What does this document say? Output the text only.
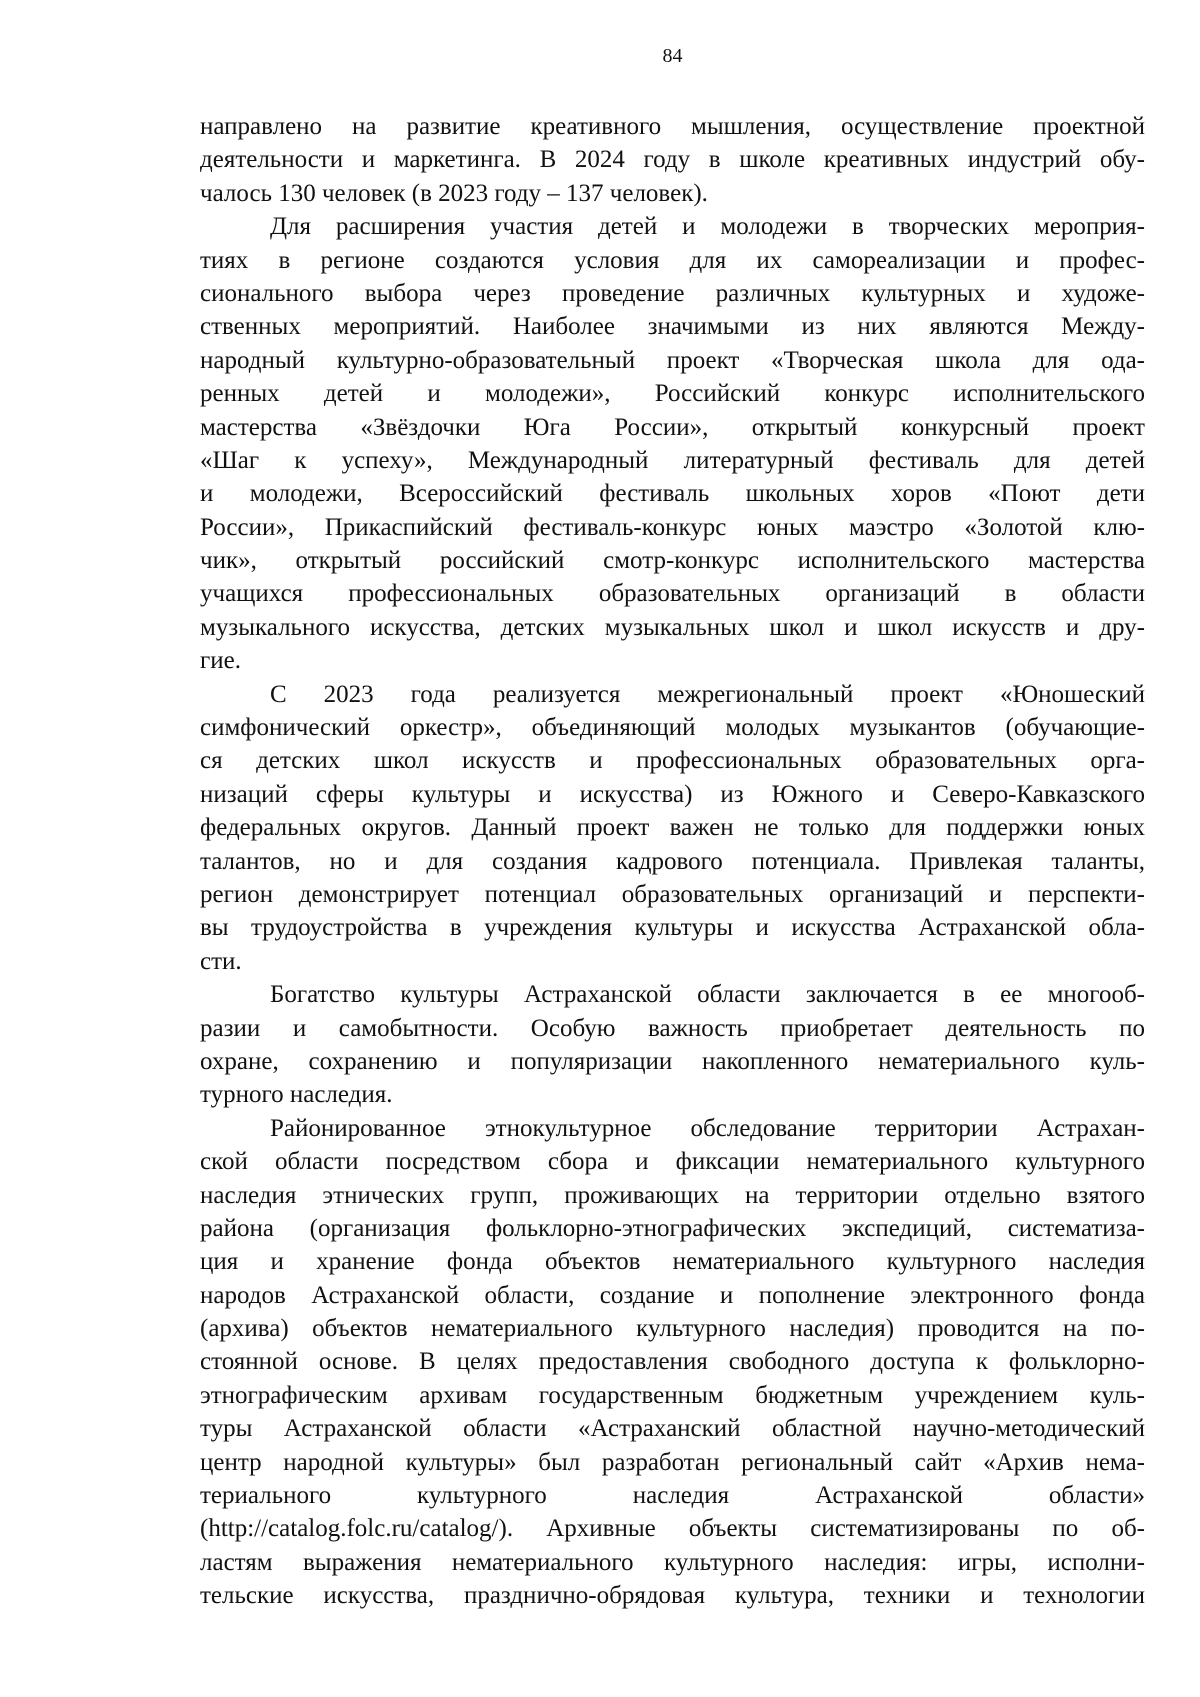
84

направлено на развитие креативного мышления, осуществление проектной
деятельности и маркетинга. В 2024 году в школе креативных индустрий обу-
чалось 130 человек (в 2023 году – 137 человек).

Для расширения участия детей и молодежи в творческих мероприя-
тиях в регионе создаются условия для их самореализации и профес-
сионального выбора через проведение различных культурных и художе-
ственных мероприятий. Наиболее значимыми из них являются Между-
народный культурно-образовательный проект «Творческая школа для ода-
ренных детей и молодежи», Российский конкурс исполнительского
мастерства «Звёздочки Юга России», открытый конкурсный проект
«Шаг к успеху», Международный литературный фестиваль для детей
и молодежи, Всероссийский фестиваль школьных хоров «Поют дети
России», Прикаспийский фестиваль-конкурс юных маэстро «Золотой клю-
чик», открытый российский смотр-конкурс исполнительского мастерства
учащихся профессиональных образовательных организаций в области
музыкального искусства, детских музыкальных школ и школ искусств и дру-
гие.

С 2023 года реализуется межрегиональный проект «Юношеский
симфонический оркестр», объединяющий молодых музыкантов (обучающие-
ся детских школ искусств и профессиональных образовательных орга-
низаций сферы культуры и искусства) из Южного и Северо-Кавказского
федеральных округов. Данный проект важен не только для поддержки юных
талантов, но и для создания кадрового потенциала. Привлекая таланты,
регион демонстрирует потенциал образовательных организаций и перспекти-
вы трудоустройства в учреждения культуры и искусства Астраханской обла-
сти.

Богатство культуры Астраханской области заключается в ее многооб-
разии и самобытности. Особую важность приобретает деятельность по
охране, сохранению и популяризации накопленного нематериального куль-
турного наследия.

Районированное этнокультурное обследование территории Астрахан-
ской области посредством сбора и фиксации нематериального культурного
наследия этнических групп, проживающих на территории отдельно взятого
района (организация фольклорно-этнографических экспедиций, систематиза-
ция и хранение фонда объектов нематериального культурного наследия
народов Астраханской области, создание и пополнение электронного фонда
(архива) объектов нематериального культурного наследия) проводится на по-
стоянной основе. В целях предоставления свободного доступа к фольклорно-
этнографическим архивам государственным бюджетным учреждением куль-
туры Астраханской области «Астраханский областной научно-методический
центр народной культуры» был разработан региональный сайт «Архив нема-
териального культурного наследия Астраханской области»
(http://catalog.folc.ru/catalog/). Архивные объекты систематизированы по об-
ластям выражения нематериального культурного наследия: игры, исполни-
тельские искусства, празднично-обрядовая культура, техники и технологии
